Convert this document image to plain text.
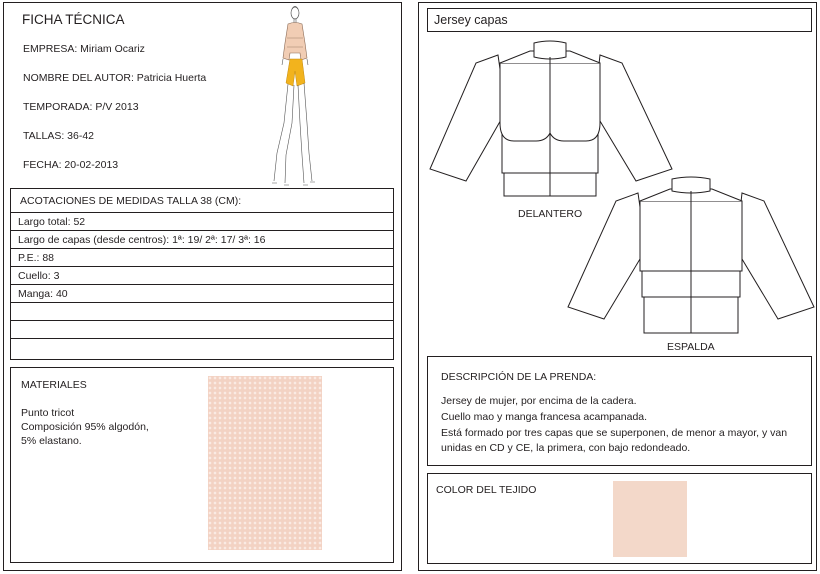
FICHA TÉCNICA
EMPRESA: Miriam Ocariz
NOMBRE DEL AUTOR: Patricia Huerta
TEMPORADA: P/V 2013
TALLAS: 36-42
FECHA: 20-02-2013
ACOTACIONES DE MEDIDAS TALLA 38 (CM):
Largo total: 52
Largo de capas (desde centros): 1ª: 19/ 2ª: 17/ 3ª: 16
P.E.: 88
Cuello: 3
Manga: 40
MATERIALES
Punto tricot
Composición 95% algodón,
5% elastano.
Jersey capas
DELANTERO
ESPALDA
DESCRIPCIÓN DE LA PRENDA:
Jersey de mujer, por encima de la cadera.
Cuello mao y manga francesa acampanada.
Está formado por tres capas que se superponen, de menor a mayor, y van
unidas en CD y CE, la primera, con bajo redondeado.
COLOR DEL TEJIDO
